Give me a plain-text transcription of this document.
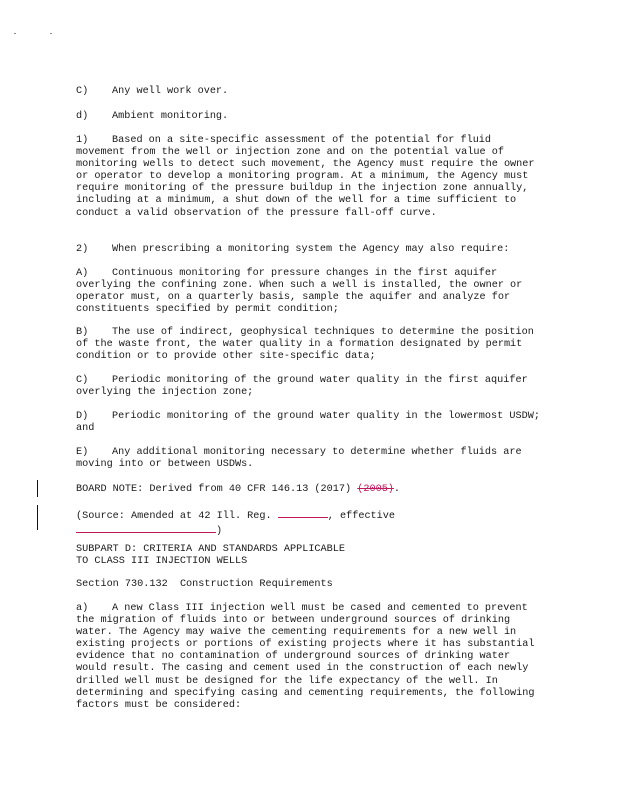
C) Any well work over.
d) Ambient monitoring.
1) Based on a site-specific assessment of the potential for fluid movement from the well or injection zone and on the potential value of monitoring wells to detect such movement, the Agency must require the owner or operator to develop a monitoring program. At a minimum, the Agency must require monitoring of the pressure buildup in the injection zone annually, including at a minimum, a shut down of the well for a time sufficient to conduct a valid observation of the pressure fall-off curve.
2) When prescribing a monitoring system the Agency may also require:
A) Continuous monitoring for pressure changes in the first aquifer overlying the confining zone. When such a well is installed, the owner or operator must, on a quarterly basis, sample the aquifer and analyze for constituents specified by permit condition;
B) The use of indirect, geophysical techniques to determine the position of the waste front, the water quality in a formation designated by permit condition or to provide other site-specific data;
C) Periodic monitoring of the ground water quality in the first aquifer overlying the injection zone;
D) Periodic monitoring of the ground water quality in the lowermost USDW; and
E) Any additional monitoring necessary to determine whether fluids are moving into or between USDWs.
BOARD NOTE: Derived from 40 CFR 146.13 (2017) (2005).
(Source: Amended at 42 Ill. Reg.	, effective
)
SUBPART D: CRITERIA AND STANDARDS APPLICABLE
TO CLASS III INJECTION WELLS
Section 730.132 Construction Requirements
a) A new Class III injection well must be cased and cemented to prevent the migration of fluids into or between underground sources of drinking water. The Agency may waive the cementing requirements for a new well in existing projects or portions of existing projects where it has substantial evidence that no contamination of underground sources of drinking water would result. The casing and cement used in the construction of each newly drilled well must be designed for the life expectancy of the well. In determining and specifying casing and cementing requirements, the following factors must be considered:
